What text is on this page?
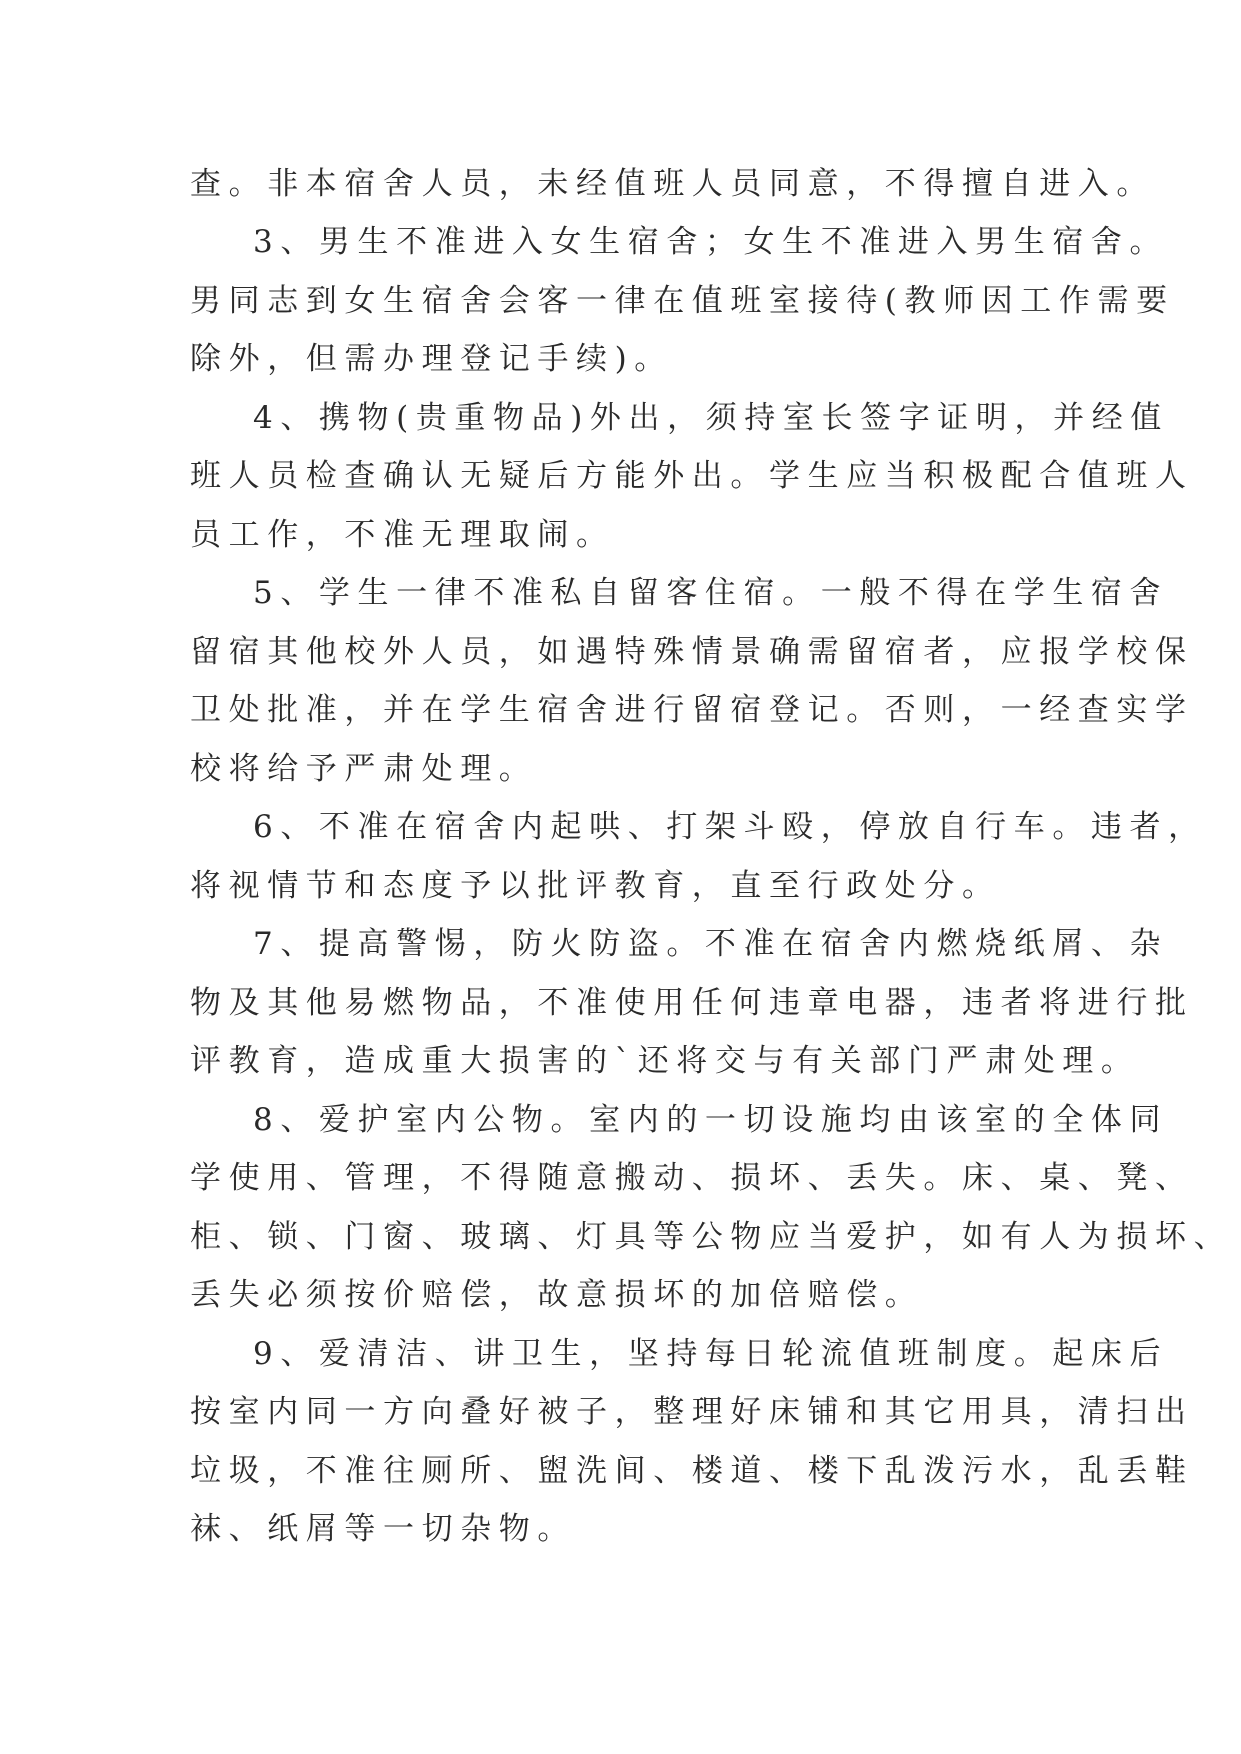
查。非本宿舍人员，未经值班人员同意，不得擅自进入。
3、男生不准进入女生宿舍；女生不准进入男生宿舍。
男同志到女生宿舍会客一律在值班室接待(教师因工作需要
除外，但需办理登记手续)。
4、携物(贵重物品)外出，须持室长签字证明，并经值
班人员检查确认无疑后方能外出。学生应当积极配合值班人
员工作，不准无理取闹。
5、学生一律不准私自留客住宿。一般不得在学生宿舍
留宿其他校外人员，如遇特殊情景确需留宿者，应报学校保
卫处批准，并在学生宿舍进行留宿登记。否则，一经查实学
校将给予严肃处理。
6、不准在宿舍内起哄、打架斗殴，停放自行车。违者，
将视情节和态度予以批评教育，直至行政处分。
7、提高警惕，防火防盗。不准在宿舍内燃烧纸屑、杂
物及其他易燃物品，不准使用任何违章电器，违者将进行批
评教育，造成重大损害的`还将交与有关部门严肃处理。
8、爱护室内公物。室内的一切设施均由该室的全体同
学使用、管理，不得随意搬动、损坏、丢失。床、桌、凳、
柜、锁、门窗、玻璃、灯具等公物应当爱护，如有人为损坏、
丢失必须按价赔偿，故意损坏的加倍赔偿。
9、爱清洁、讲卫生，坚持每日轮流值班制度。起床后
按室内同一方向叠好被子，整理好床铺和其它用具，清扫出
垃圾，不准往厕所、盥洗间、楼道、楼下乱泼污水，乱丢鞋
袜、纸屑等一切杂物。
